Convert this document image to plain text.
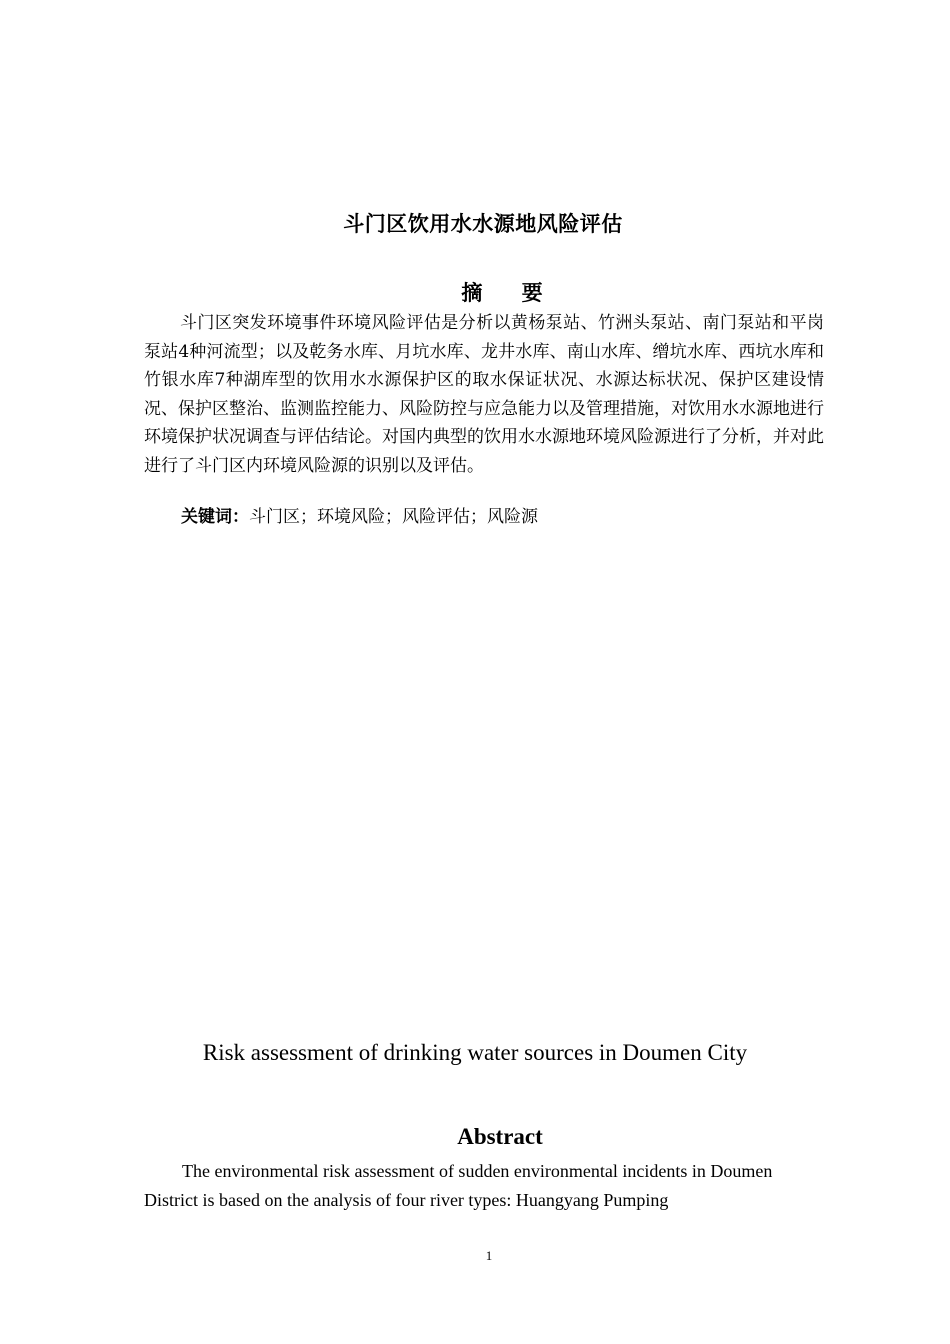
斗门区饮用水水源地风险评估
摘 要

斗门区突发环境事件环境风险评估是分析以黄杨泵站、竹洲头泵站、南门泵站和平岗泵站4种河流型；以及乾务水库、月坑水库、龙井水库、南山水库、缯坑水库、西坑水库和竹银水库7种湖库型的饮用水水源保护区的取水保证状况、水源达标状况、保护区建设情况、保护区整治、监测监控能力、风险防控与应急能力以及管理措施，对饮用水水源地进行环境保护状况调查与评估结论。对国内典型的饮用水水源地环境风险源进行了分析，并对此进行了斗门区内环境风险源的识别以及评估。

关键词：斗门区；环境风险；风险评估；风险源

Risk assessment of drinking water sources in Doumen City
Abstract

The environmental risk assessment of sudden environmental incidents in Doumen District is based on the analysis of four river types: Huangyang Pumping

1
